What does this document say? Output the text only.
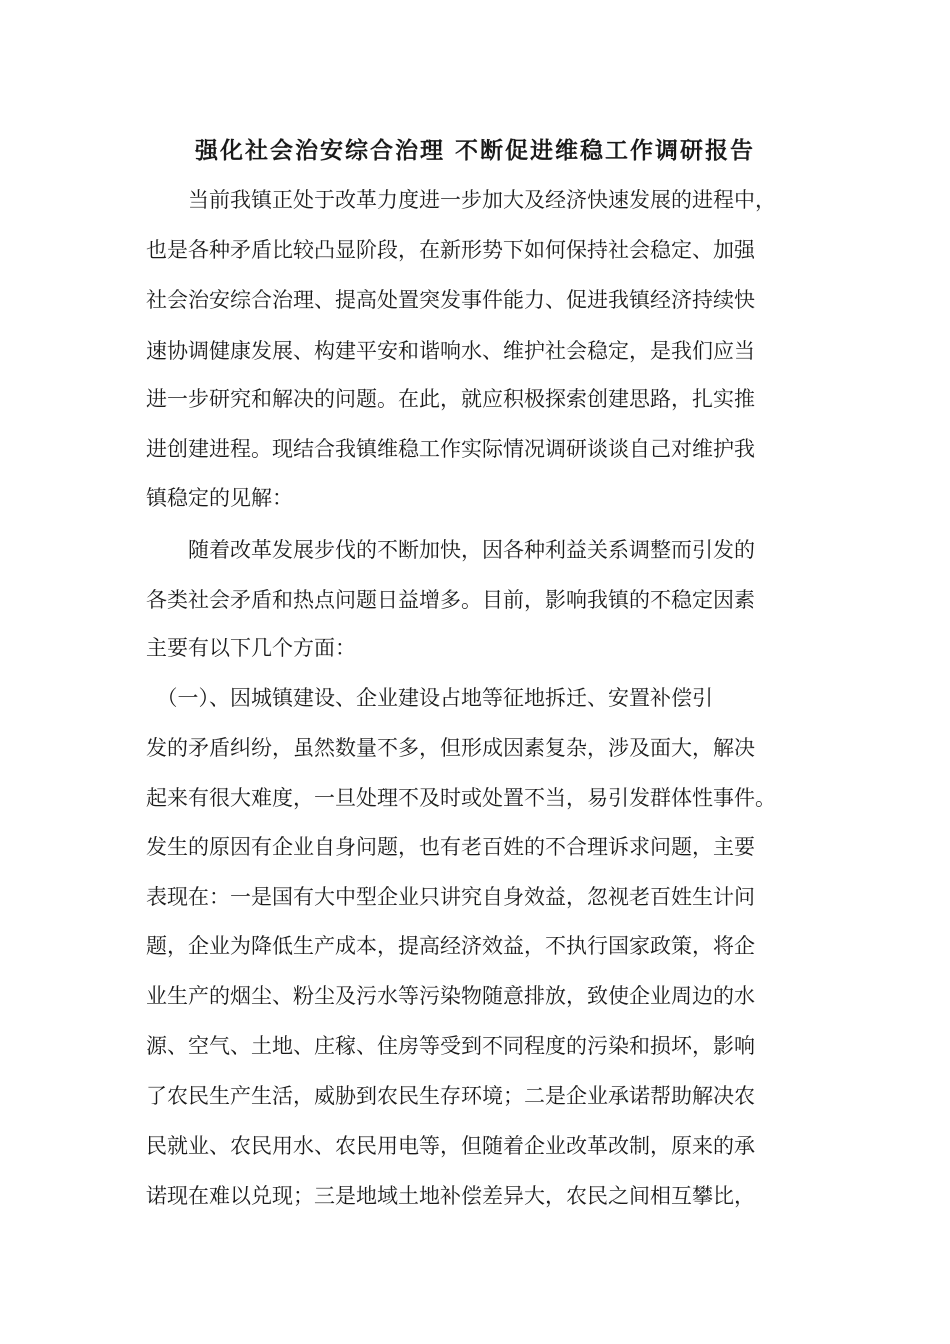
强化社会治安综合治理 不断促进维稳工作调研报告
　　当前我镇正处于改革力度进一步加大及经济快速发展的进程中，
也是各种矛盾比较凸显阶段，在新形势下如何保持社会稳定、加强
社会治安综合治理、提高处置突发事件能力、促进我镇经济持续快
速协调健康发展、构建平安和谐响水、维护社会稳定，是我们应当
进一步研究和解决的问题。在此，就应积极探索创建思路，扎实推
进创建进程。现结合我镇维稳工作实际情况调研谈谈自己对维护我
镇稳定的见解：
　　随着改革发展步伐的不断加快，因各种利益关系调整而引发的
各类社会矛盾和热点问题日益增多。目前，影响我镇的不稳定因素
主要有以下几个方面：
　（一）、因城镇建设、企业建设占地等征地拆迁、安置补偿引
发的矛盾纠纷，虽然数量不多，但形成因素复杂，涉及面大，解决
起来有很大难度，一旦处理不及时或处置不当，易引发群体性事件。
发生的原因有企业自身问题，也有老百姓的不合理诉求问题，主要
表现在：一是国有大中型企业只讲究自身效益，忽视老百姓生计问
题，企业为降低生产成本，提高经济效益，不执行国家政策，将企
业生产的烟尘、粉尘及污水等污染物随意排放，致使企业周边的水
源、空气、土地、庄稼、住房等受到不同程度的污染和损坏，影响
了农民生产生活，威胁到农民生存环境；二是企业承诺帮助解决农
民就业、农民用水、农民用电等，但随着企业改革改制，原来的承
诺现在难以兑现；三是地域土地补偿差异大，农民之间相互攀比，
